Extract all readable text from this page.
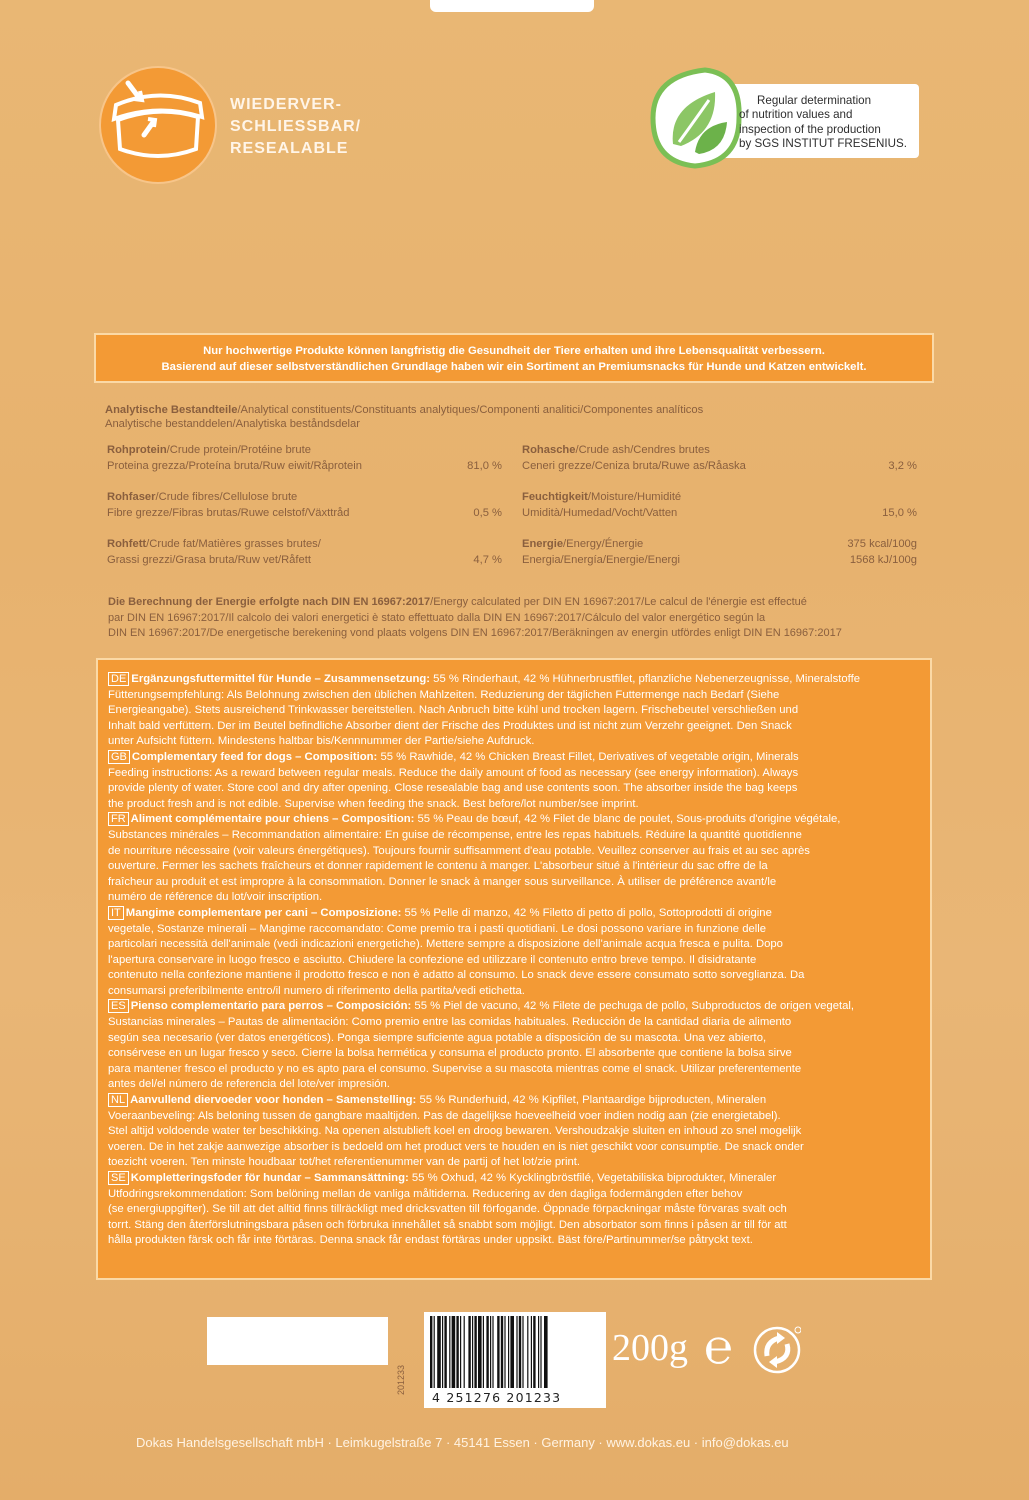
WIEDERVER-
SCHLIESSBAR/
RESEALABLE
Regular determination
of nutrition values and
inspection of the production
by SGS INSTITUT FRESENIUS.
Nur hochwertige Produkte können langfristig die Gesundheit der Tiere erhalten und ihre Lebensqualität verbessern.
Basierend auf dieser selbstverständlichen Grundlage haben wir ein Sortiment an Premiumsnacks für Hunde und Katzen entwickelt.
Analytische Bestandteile/Analytical constituents/Constituants analytiques/Componenti analitici/Componentes analíticos
Analytische bestanddelen/Analytiska beståndsdelar
Rohprotein/Crude protein/Protéine brute
Proteina grezza/Proteína bruta/Ruw eiwit/Råprotein	81,0 %
Rohasche/Crude ash/Cendres brutes
Ceneri grezze/Ceniza bruta/Ruwe as/Råaska	3,2 %
Rohfaser/Crude fibres/Cellulose brute
Fibre grezze/Fibras brutas/Ruwe celstof/Växttråd	0,5 %
Feuchtigkeit/Moisture/Humidité
Umidità/Humedad/Vocht/Vatten	15,0 %
Rohfett/Crude fat/Matières grasses brutes/
Grassi grezzi/Grasa bruta/Ruw vet/Råfett	4,7 %
Energie/Energy/Énergie
Energia/Energía/Energie/Energi
375 kcal/100g
1568 kJ/100g
Die Berechnung der Energie erfolgte nach DIN EN 16967:2017/Energy calculated per DIN EN 16967:2017/Le calcul de l'énergie est effectué
par DIN EN 16967:2017/Il calcolo dei valori energetici è stato effettuato dalla DIN EN 16967:2017/Cálculo del valor energético según la
DIN EN 16967:2017/De energetische berekening vond plaats volgens DIN EN 16967:2017/Beräkningen av energin utfördes enligt DIN EN 16967:2017
DE Ergänzungsfuttermittel für Hunde – Zusammensetzung: 55 % Rinderhaut, 42 % Hühnerbrustfilet, pflanzliche Nebenerzeugnisse, Mineralstoffe
Fütterungsempfehlung: Als Belohnung zwischen den üblichen Mahlzeiten. Reduzierung der täglichen Futtermenge nach Bedarf (Siehe
Energieangabe). Stets ausreichend Trinkwasser bereitstellen. Nach Anbruch bitte kühl und trocken lagern. Frischebeutel verschließen und
Inhalt bald verfüttern. Der im Beutel befindliche Absorber dient der Frische des Produktes und ist nicht zum Verzehr geeignet. Den Snack
unter Aufsicht füttern. Mindestens haltbar bis/Kennnummer der Partie/siehe Aufdruck.
GB Complementary feed for dogs – Composition: 55 % Rawhide, 42 % Chicken Breast Fillet, Derivatives of vegetable origin, Minerals
Feeding instructions: As a reward between regular meals. Reduce the daily amount of food as necessary (see energy information). Always
provide plenty of water. Store cool and dry after opening. Close resealable bag and use contents soon. The absorber inside the bag keeps
the product fresh and is not edible. Supervise when feeding the snack. Best before/lot number/see imprint.
FR Aliment complémentaire pour chiens – Composition: 55 % Peau de bœuf, 42 % Filet de blanc de poulet, Sous-produits d'origine végétale,
Substances minérales – Recommandation alimentaire: En guise de récompense, entre les repas habituels. Réduire la quantité quotidienne
de nourriture nécessaire (voir valeurs énergétiques). Toujours fournir suffisamment d'eau potable. Veuillez conserver au frais et au sec après
ouverture. Fermer les sachets fraîcheurs et donner rapidement le contenu à manger. L'absorbeur situé à l'intérieur du sac offre de la
fraîcheur au produit et est impropre à la consommation. Donner le snack à manger sous surveillance. À utiliser de préférence avant/le
numéro de référence du lot/voir inscription.
IT Mangime complementare per cani – Composizione: 55 % Pelle di manzo, 42 % Filetto di petto di pollo, Sottoprodotti di origine
vegetale, Sostanze minerali – Mangime raccomandato: Come premio tra i pasti quotidiani. Le dosi possono variare in funzione delle
particolari necessità dell'animale (vedi indicazioni energetiche). Mettere sempre a disposizione dell'animale acqua fresca e pulita. Dopo
l'apertura conservare in luogo fresco e asciutto. Chiudere la confezione ed utilizzare il contenuto entro breve tempo. Il disidratante
contenuto nella confezione mantiene il prodotto fresco e non è adatto al consumo. Lo snack deve essere consumato sotto sorveglianza. Da
consumarsi preferibilmente entro/il numero di riferimento della partita/vedi etichetta.
ES Pienso complementario para perros – Composición: 55 % Piel de vacuno, 42 % Filete de pechuga de pollo, Subproductos de origen vegetal,
Sustancias minerales – Pautas de alimentación: Como premio entre las comidas habituales. Reducción de la cantidad diaria de alimento
según sea necesario (ver datos energéticos). Ponga siempre suficiente agua potable a disposición de su mascota. Una vez abierto,
consérvese en un lugar fresco y seco. Cierre la bolsa hermética y consuma el producto pronto. El absorbente que contiene la bolsa sirve
para mantener fresco el producto y no es apto para el consumo. Supervise a su mascota mientras come el snack. Utilizar preferentemente
antes del/el número de referencia del lote/ver impresión.
NL Aanvullend diervoeder voor honden – Samenstelling: 55 % Runderhuid, 42 % Kipfilet, Plantaardige bijproducten, Mineralen
Voeraanbeveling: Als beloning tussen de gangbare maaltijden. Pas de dagelijkse hoeveelheid voer indien nodig aan (zie energietabel).
Stel altijd voldoende water ter beschikking. Na openen alstublieft koel en droog bewaren. Vershoudzakje sluiten en inhoud zo snel mogelijk
voeren. De in het zakje aanwezige absorber is bedoeld om het product vers te houden en is niet geschikt voor consumptie. De snack onder
toezicht voeren. Ten minste houdbaar tot/het referentienummer van de partij of het lot/zie print.
SE Kompletteringsfoder för hundar – Sammansättning: 55 % Oxhud, 42 % Kycklingbröstfilé, Vegetabiliska biprodukter, Mineraler
Utfodringsrekommendation: Som belöning mellan de vanliga måltiderna. Reducering av den dagliga fodermängden efter behov
(se energiuppgifter). Se till att det alltid finns tillräckligt med dricksvatten till förfogande. Öppnade förpackningar måste förvaras svalt och
torrt. Stäng den återförslutningsbara påsen och förbruka innehållet så snabbt som möjligt. Den absorbator som finns i påsen är till för att
hålla produkten färsk och får inte förtäras. Denna snack får endast förtäras under uppsikt. Bäst före/Partinummer/se påtryckt text.
4 251276 201233
201233
200g ℮
Dokas Handelsgesellschaft mbH · Leimkugelstraße 7 · 45141 Essen · Germany · www.dokas.eu · info@dokas.eu
